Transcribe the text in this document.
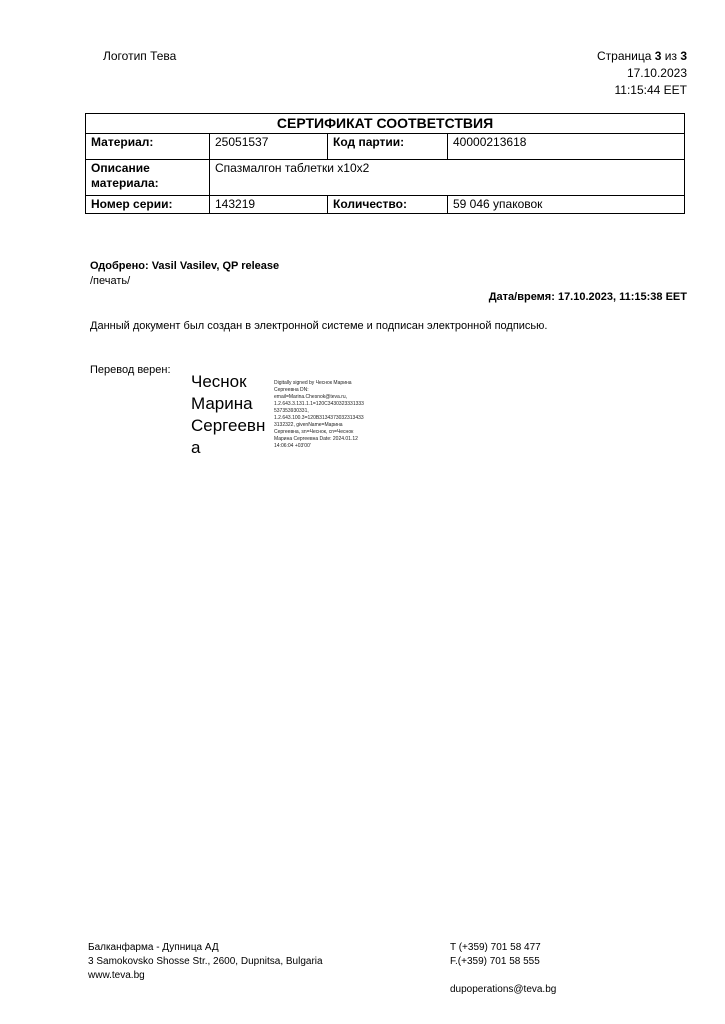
Логотип Тева	Страница 3 из 3
17.10.2023
11:15:44 EET
СЕРТИФИКАТ СООТВЕТСТВИЯ			
Материал:	25051537	Код партии:	40000213618
Описание материала:	Спазмалгон таблетки х10х2		
Номер серии:	143219	Количество:	59 046 упаковок
Одобрено: Vasil Vasilev, QP release
/печать/
Дата/время: 17.10.2023, 11:15:38 EET
Данный документ был создан в электронной системе и подписан электронной подписью.
Перевод верен:
Чеснок
Марина
Сергеевн
а
Digitally signed by Чеснок Марина Сергеевна DN: email=Marina.Chesnok@teva.ru, 1.2.643.3.131.1.1=120C3430323331333537353930331, 1.2.643.100.3=120B31343730323134333132322, givenName=Марина Сергеевна, sn=Чеснок, cn=Чеснок Марина Сергеевна Date: 2024.01.12 14:06:04 +03'00'
Балканфарма - Дупница АД
3 Samokovsko Shosse Str., 2600, Dupnitsa, Bulgaria
www.teva.bg
T (+359) 701 58 477
F.(+359) 701 58 555
dupoperations@teva.bg
